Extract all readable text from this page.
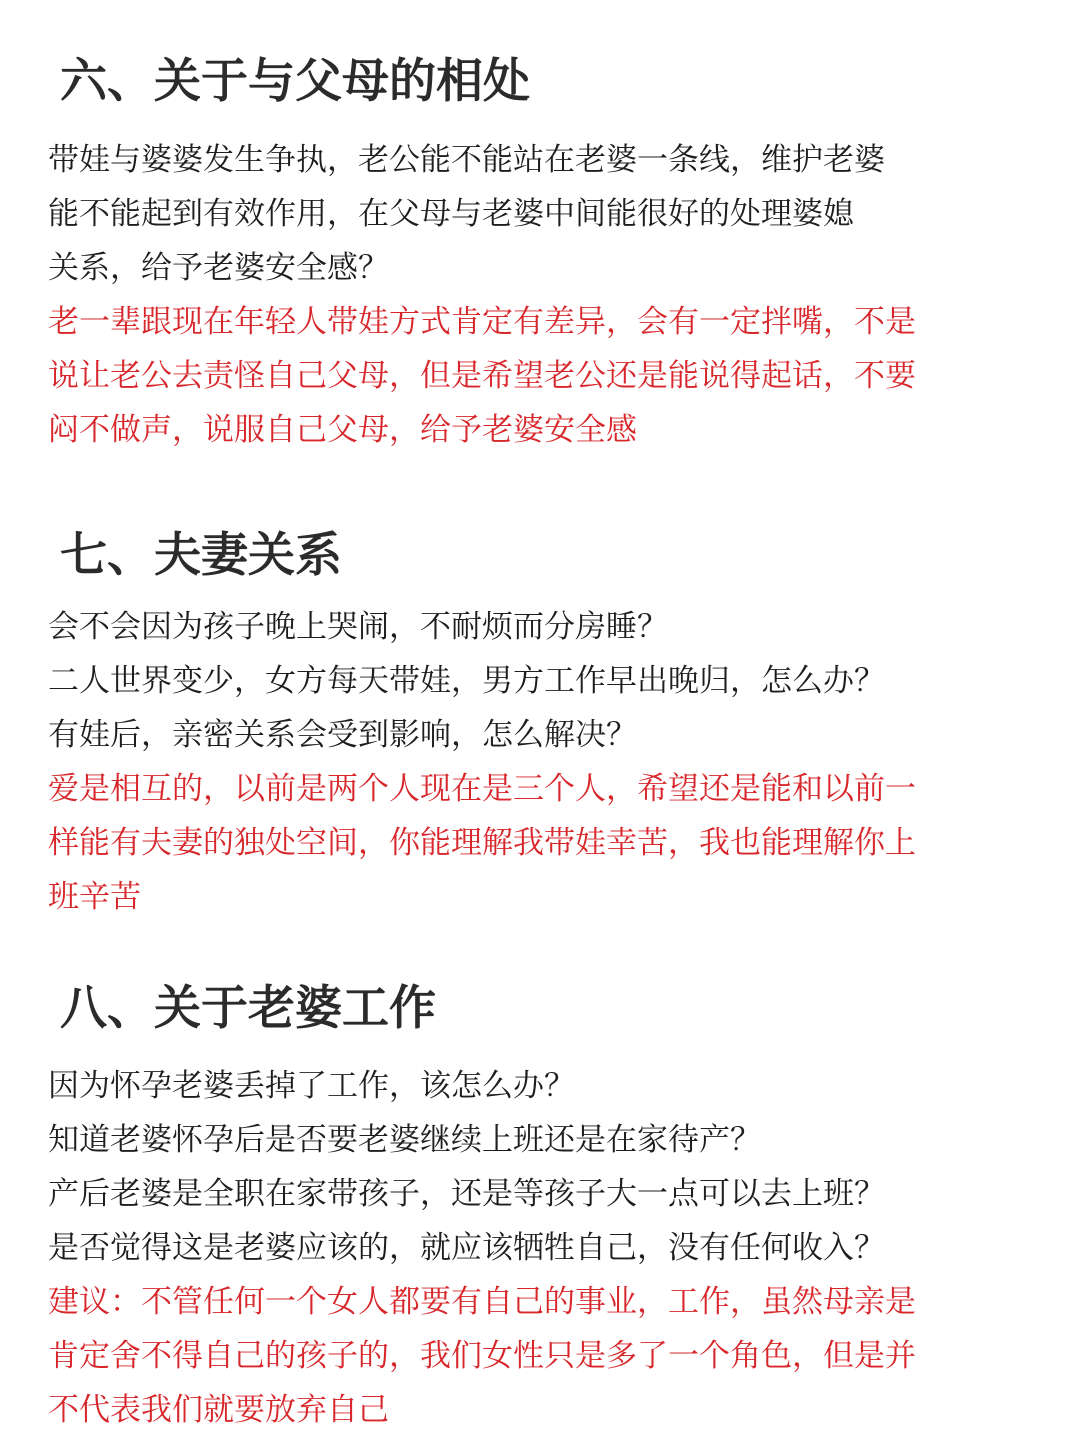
六、关于与父母的相处
带娃与婆婆发生争执，老公能不能站在老婆一条线，维护老婆
能不能起到有效作用，在父母与老婆中间能很好的处理婆媳
关系，给予老婆安全感？
老一辈跟现在年轻人带娃方式肯定有差异，会有一定拌嘴，不是
说让老公去责怪自己父母，但是希望老公还是能说得起话，不要
闷不做声，说服自己父母，给予老婆安全感
七、夫妻关系
会不会因为孩子晚上哭闹，不耐烦而分房睡？
二人世界变少，女方每天带娃，男方工作早出晚归，怎么办？
有娃后，亲密关系会受到影响，怎么解决？
爱是相互的，以前是两个人现在是三个人，希望还是能和以前一
样能有夫妻的独处空间，你能理解我带娃幸苦，我也能理解你上
班辛苦
八、关于老婆工作
因为怀孕老婆丢掉了工作，该怎么办？
知道老婆怀孕后是否要老婆继续上班还是在家待产？
产后老婆是全职在家带孩子，还是等孩子大一点可以去上班？
是否觉得这是老婆应该的，就应该牺牲自己，没有任何收入？
建议：不管任何一个女人都要有自己的事业，工作，虽然母亲是
肯定舍不得自己的孩子的，我们女性只是多了一个角色，但是并
不代表我们就要放弃自己
